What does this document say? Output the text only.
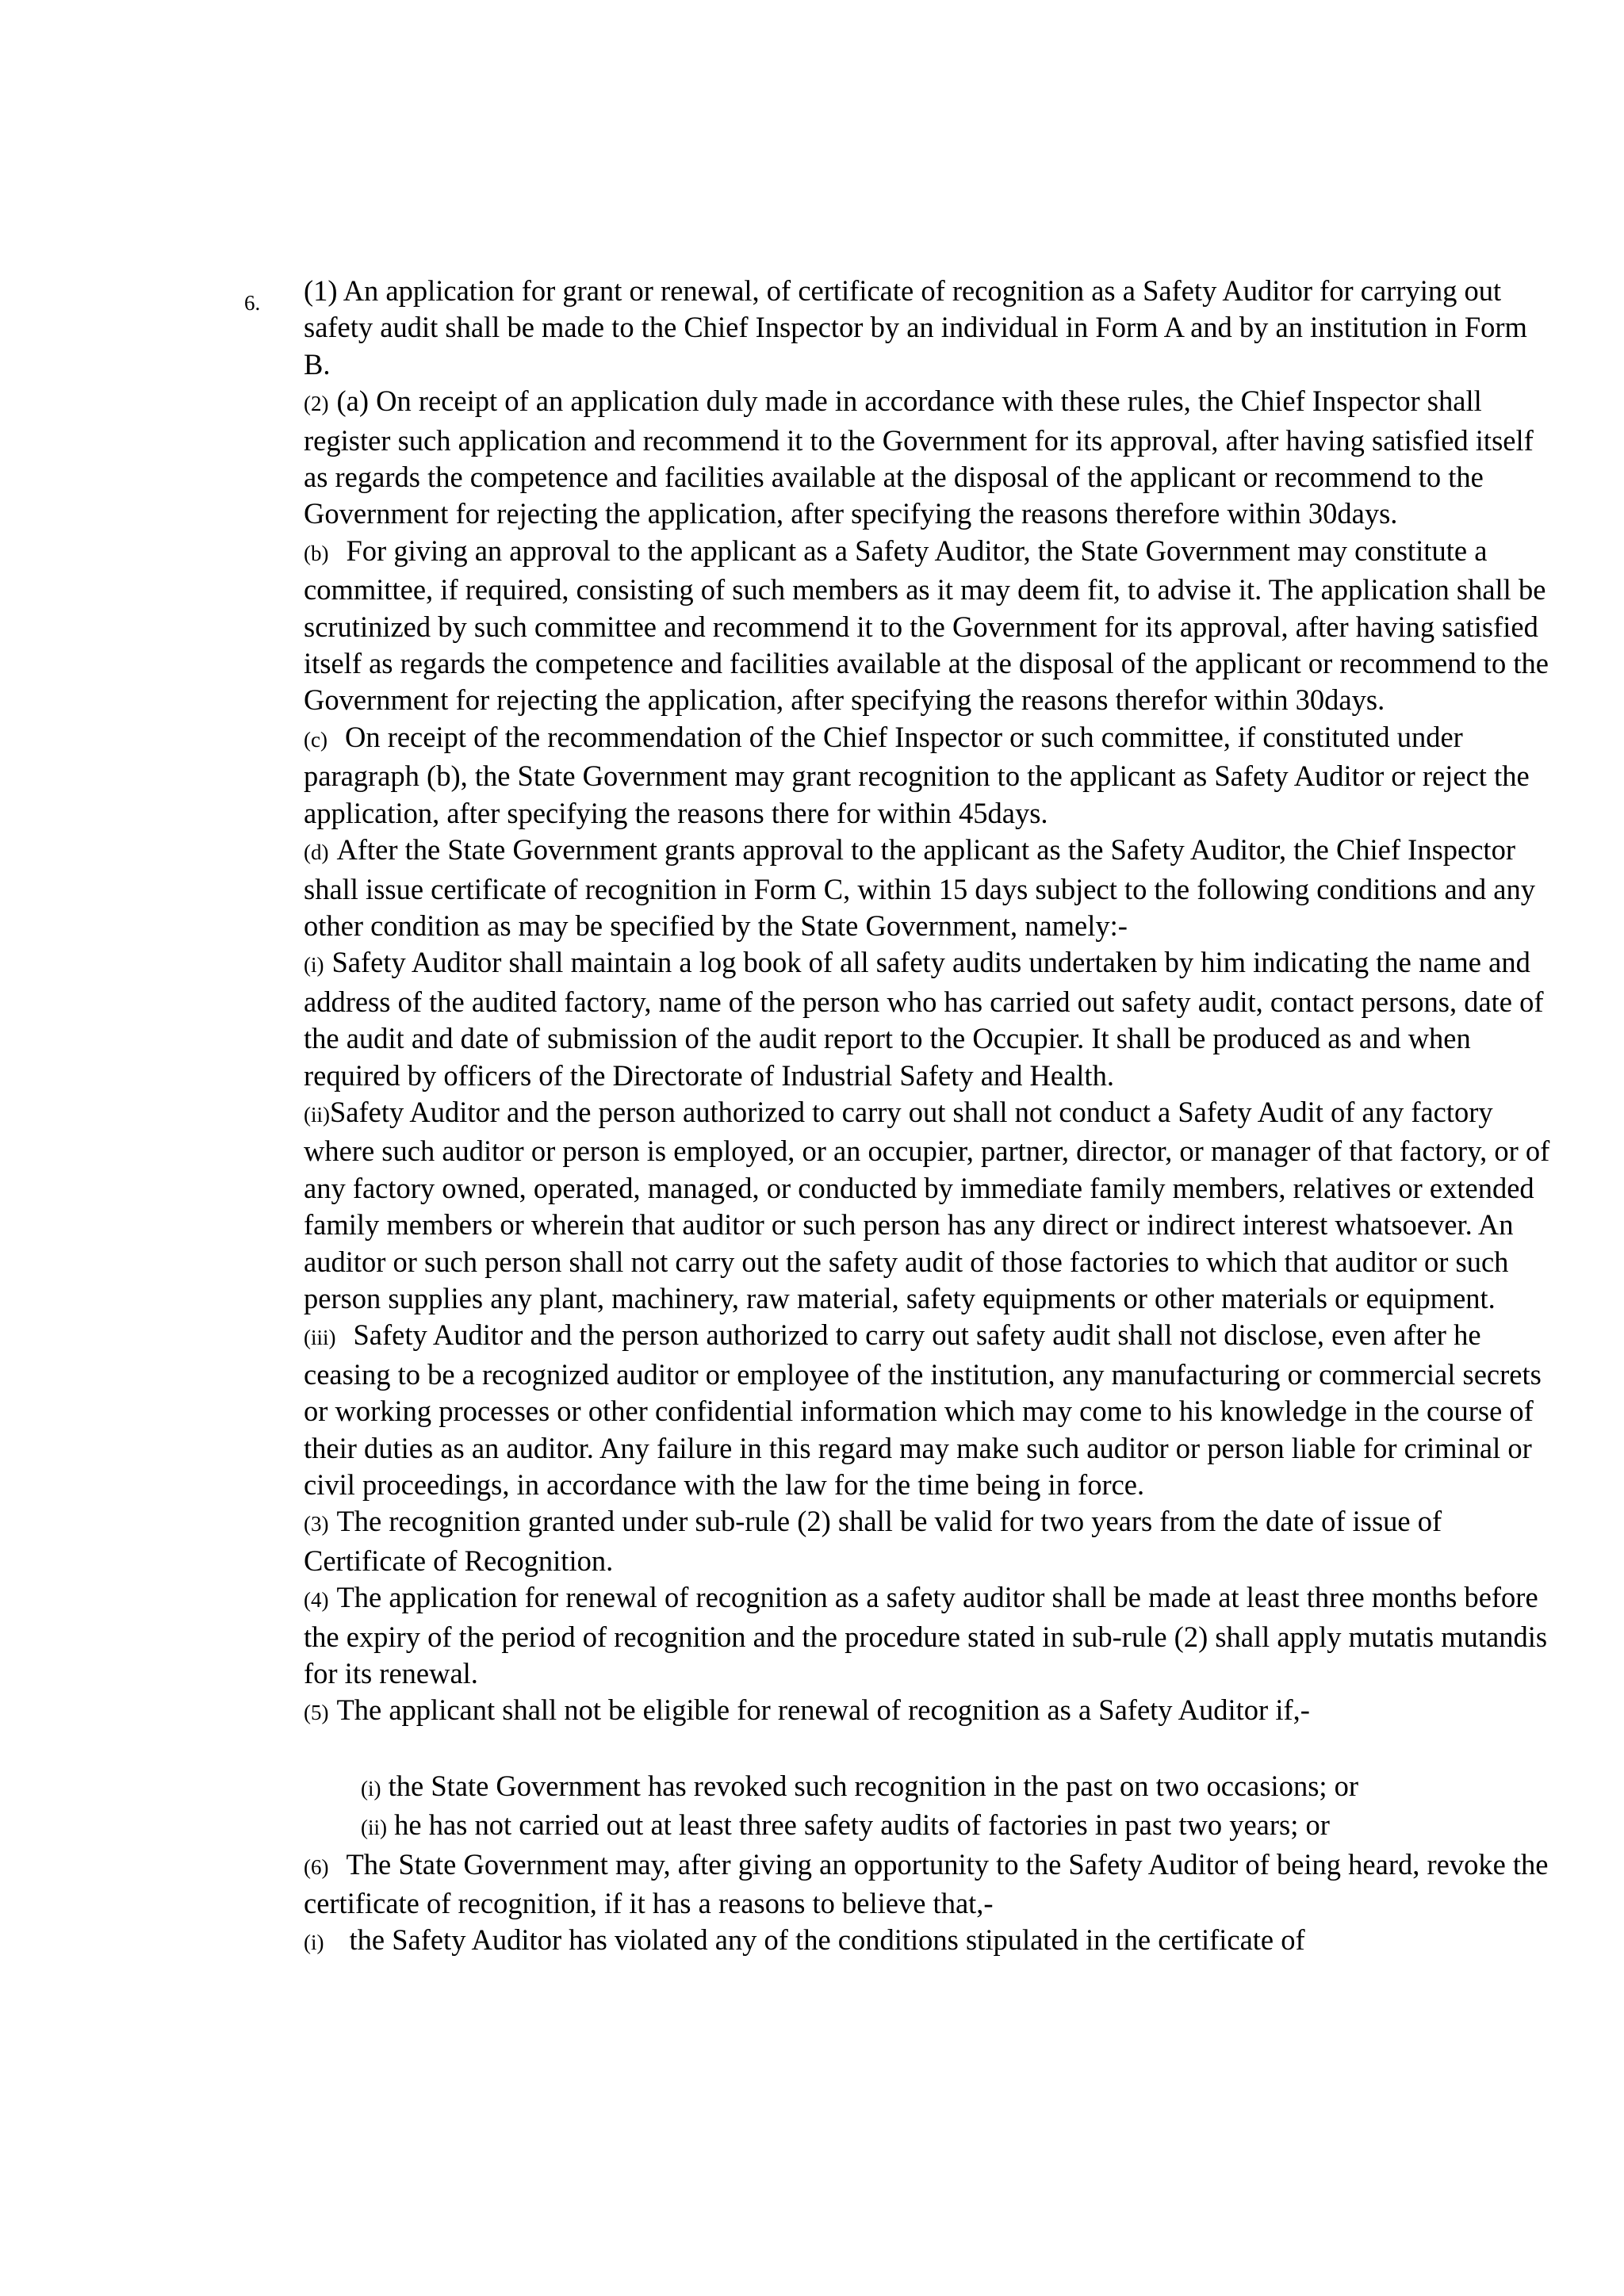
6. (1) An application for grant or renewal, of certificate of recognition as a Safety Auditor for carrying out safety audit shall be made to the Chief Inspector by an individual in Form A and by an institution in Form B.

(2) (a) On receipt of an application duly made in accordance with these rules, the Chief Inspector shall register such application and recommend it to the Government for its approval, after having satisfied itself as regards the competence and facilities available at the disposal of the applicant or recommend to the Government for rejecting the application, after specifying the reasons therefore within 30days.

(b) For giving an approval to the applicant as a Safety Auditor, the State Government may constitute a committee, if required, consisting of such members as it may deem fit, to advise it. The application shall be scrutinized by such committee and recommend it to the Government for its approval, after having satisfied itself as regards the competence and facilities available at the disposal of the applicant or recommend to the Government for rejecting the application, after specifying the reasons therefor within 30days.

(c) On receipt of the recommendation of the Chief Inspector or such committee, if constituted under paragraph (b), the State Government may grant recognition to the applicant as Safety Auditor or reject the application, after specifying the reasons there for within 45days.

(d) After the State Government grants approval to the applicant as the Safety Auditor, the Chief Inspector shall issue certificate of recognition in Form C, within 15 days subject to the following conditions and any other condition as may be specified by the State Government, namely:-

(i) Safety Auditor shall maintain a log book of all safety audits undertaken by him indicating the name and address of the audited factory, name of the person who has carried out safety audit, contact persons, date of the audit and date of submission of the audit report to the Occupier. It shall be produced as and when required by officers of the Directorate of Industrial Safety and Health.

(ii)Safety Auditor and the person authorized to carry out shall not conduct a Safety Audit of any factory where such auditor or person is employed, or an occupier, partner, director, or manager of that factory, or of any factory owned, operated, managed, or conducted by immediate family members, relatives or extended family members or wherein that auditor or such person has any direct or indirect interest whatsoever. An auditor or such person shall not carry out the safety audit of those factories to which that auditor or such person supplies any plant, machinery, raw material, safety equipments or other materials or equipment.

(iii) Safety Auditor and the person authorized to carry out safety audit shall not disclose, even after he ceasing to be a recognized auditor or employee of the institution, any manufacturing or commercial secrets or working processes or other confidential information which may come to his knowledge in the course of their duties as an auditor. Any failure in this regard may make such auditor or person liable for criminal or civil proceedings, in accordance with the law for the time being in force.

(3) The recognition granted under sub-rule (2) shall be valid for two years from the date of issue of Certificate of Recognition.

(4) The application for renewal of recognition as a safety auditor shall be made at least three months before the expiry of the period of recognition and the procedure stated in sub-rule (2) shall apply mutatis mutandis for its renewal.

(5) The applicant shall not be eligible for renewal of recognition as a Safety Auditor if,-

(i) the State Government has revoked such recognition in the past on two occasions; or

(ii) he has not carried out at least three safety audits of factories in past two years; or

(6) The State Government may, after giving an opportunity to the Safety Auditor of being heard, revoke the certificate of recognition, if it has a reasons to believe that,-

(i) the Safety Auditor has violated any of the conditions stipulated in the certificate of
